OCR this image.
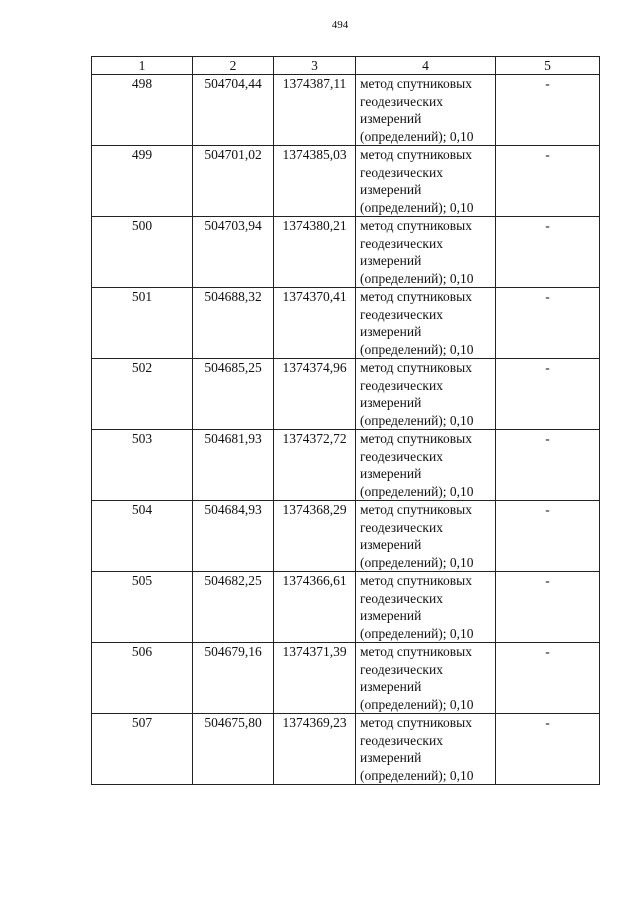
494
1	2	3	4	5
498	504704,44	1374387,11	метод спутниковых геодезических измерений (определений); 0,10	-
499	504701,02	1374385,03	метод спутниковых геодезических измерений (определений); 0,10	-
500	504703,94	1374380,21	метод спутниковых геодезических измерений (определений); 0,10	-
501	504688,32	1374370,41	метод спутниковых геодезических измерений (определений); 0,10	-
502	504685,25	1374374,96	метод спутниковых геодезических измерений (определений); 0,10	-
503	504681,93	1374372,72	метод спутниковых геодезических измерений (определений); 0,10	-
504	504684,93	1374368,29	метод спутниковых геодезических измерений (определений); 0,10	-
505	504682,25	1374366,61	метод спутниковых геодезических измерений (определений); 0,10	-
506	504679,16	1374371,39	метод спутниковых геодезических измерений (определений); 0,10	-
507	504675,80	1374369,23	метод спутниковых геодезических измерений (определений); 0,10	-
